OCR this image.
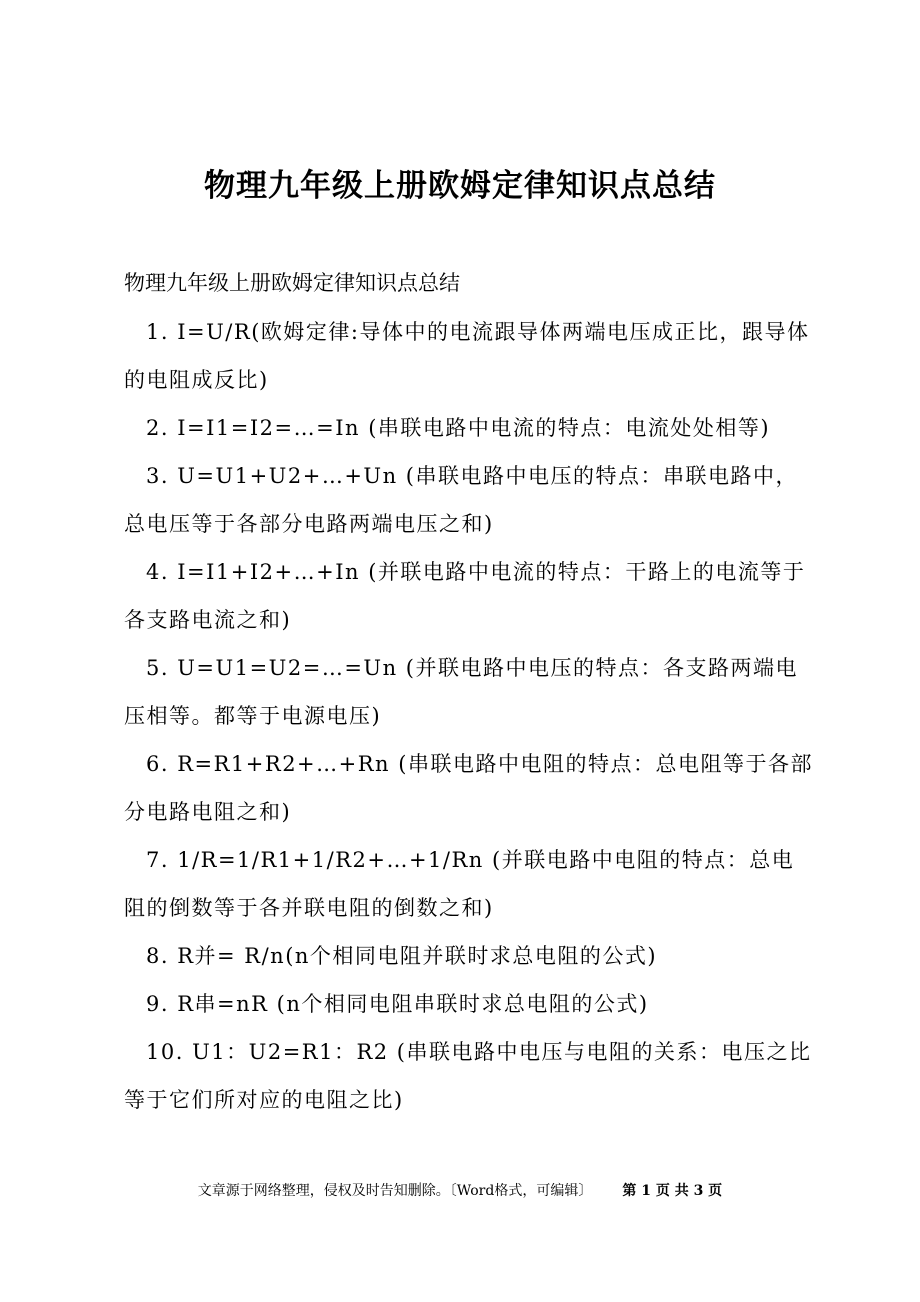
物理九年级上册欧姆定律知识点总结
物理九年级上册欧姆定律知识点总结
1. I=U/R(欧姆定律:导体中的电流跟导体两端电压成正比，跟导体的电阻成反比)
2. I=I1=I2=…=In (串联电路中电流的特点：电流处处相等)
3. U=U1+U2+…+Un (串联电路中电压的特点：串联电路中，总电压等于各部分电路两端电压之和)
4. I=I1+I2+…+In (并联电路中电流的特点：干路上的电流等于各支路电流之和)
5. U=U1=U2=…=Un (并联电路中电压的特点：各支路两端电压相等。都等于电源电压)
6. R=R1+R2+…+Rn (串联电路中电阻的特点：总电阻等于各部分电路电阻之和)
7. 1/R=1/R1+1/R2+…+1/Rn (并联电路中电阻的特点：总电阻的倒数等于各并联电阻的倒数之和)
8. R并= R/n(n个相同电阻并联时求总电阻的公式)
9. R串=nR (n个相同电阻串联时求总电阻的公式)
10. U1：U2=R1：R2 (串联电路中电压与电阻的关系：电压之比等于它们所对应的电阻之比)
文章源于网络整理，侵权及时告知删除。〔Word格式，可编辑〕 第 1 页 共 3 页
